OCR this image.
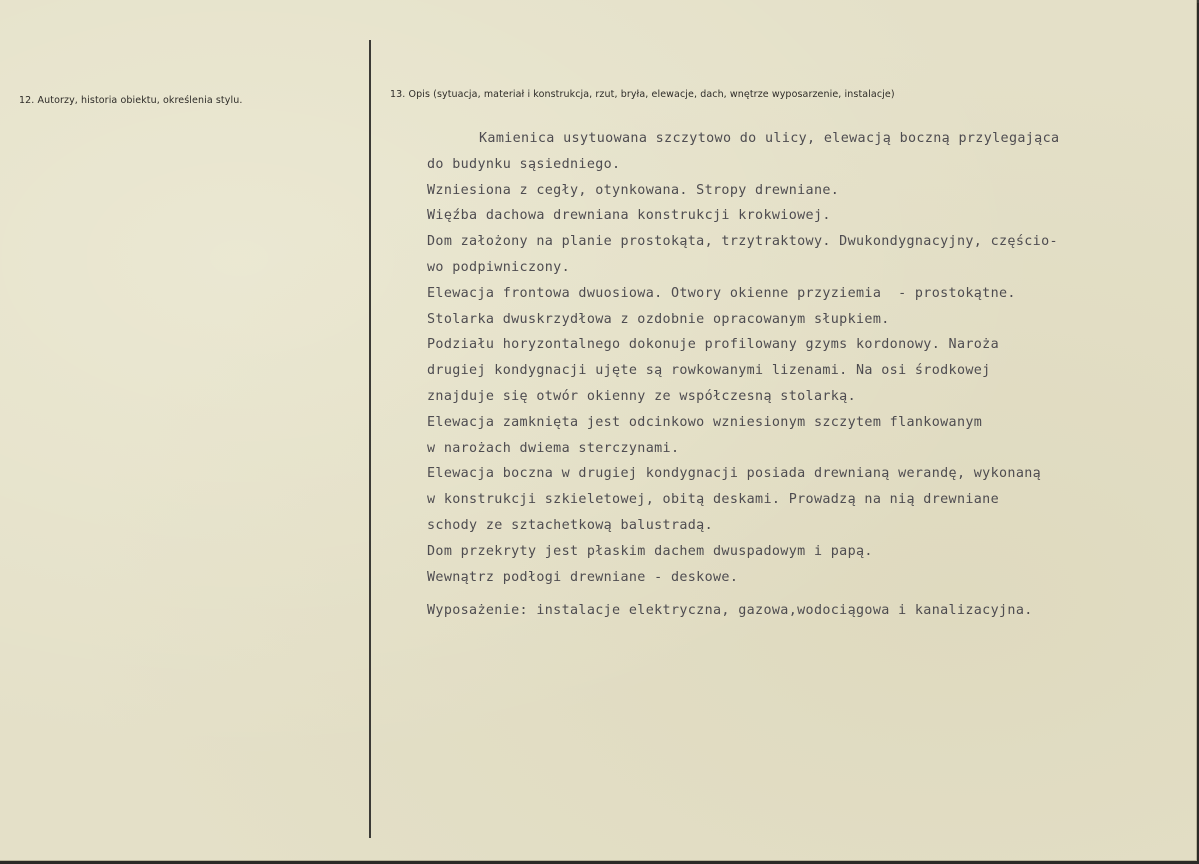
12. Autorzy, historia obiektu, określenia stylu.
13. Opis (sytuacja, materiał i konstrukcja, rzut, bryła, elewacje, dach, wnętrze wyposarzenie, instalacje)
Kamienica usytuowana szczytowo do ulicy, elewacją boczną przylegająca
do budynku sąsiedniego.
Wzniesiona z cegły, otynkowana. Stropy drewniane.
Więźba dachowa drewniana konstrukcji krokwiowej.
Dom założony na planie prostokąta, trzytraktowy. Dwukondygnacyjny, częścio-
wo podpiwniczony.
Elewacja frontowa dwuosiowa. Otwory okienne przyziemia  - prostokątne.
Stolarka dwuskrzydłowa z ozdobnie opracowanym słupkiem.
Podziału horyzontalnego dokonuje profilowany gzyms kordonowy. Naroża
drugiej kondygnacji ujęte są rowkowanymi lizenami. Na osi środkowej
znajduje się otwór okienny ze współczesną stolarką.
Elewacja zamknięta jest odcinkowo wzniesionym szczytem flankowanym
w narożach dwiema sterczynami.
Elewacja boczna w drugiej kondygnacji posiada drewnianą werandę, wykonaną
w konstrukcji szkieletowej, obitą deskami. Prowadzą na nią drewniane
schody ze sztachetkową balustradą.
Dom przekryty jest płaskim dachem dwuspadowym i papą.
Wewnątrz podłogi drewniane - deskowe.
Wyposażenie: instalacje elektryczna, gazowa,wodociągowa i kanalizacyjna.
